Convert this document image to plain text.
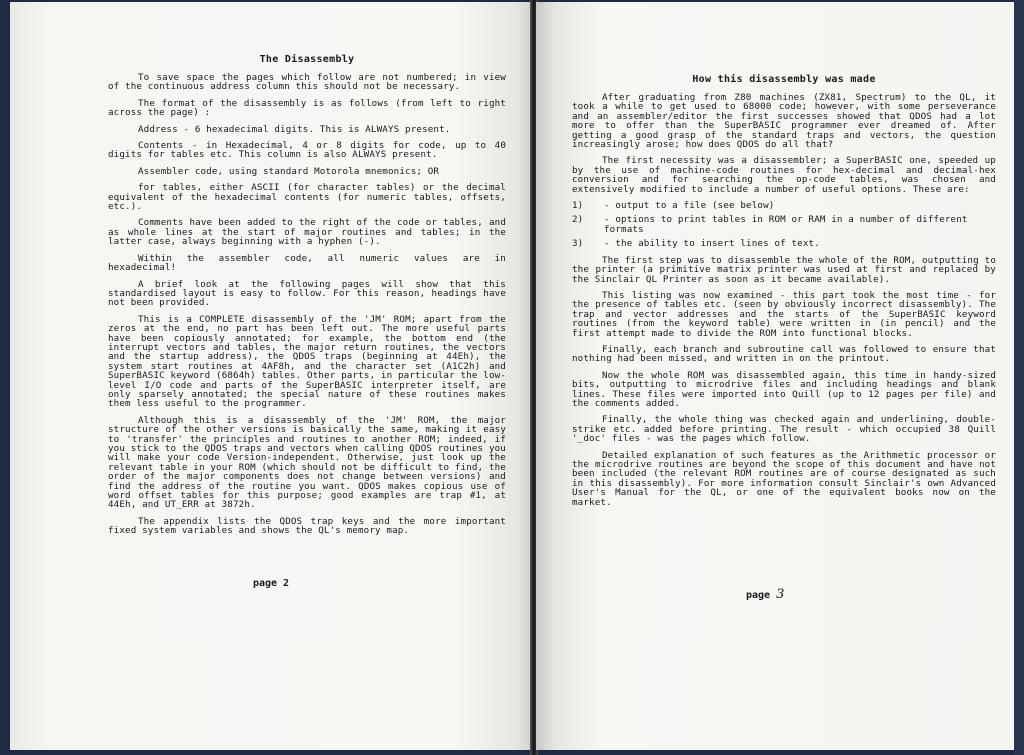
The Disassembly

To save space the pages which follow are not numbered; in view of the continuous address column this should not be necessary.

The format of the disassembly is as follows (from left to right across the page) :

Address - 6 hexadecimal digits. This is ALWAYS present.

Contents - in Hexadecimal, 4 or 8 digits for code, up to 40 digits for tables etc. This column is also ALWAYS present.

Assembler code, using standard Motorola mnemonics; OR

for tables, either ASCII (for character tables) or the decimal equivalent of the hexadecimal contents (for numeric tables, offsets, etc.).

Comments have been added to the right of the code or tables, and as whole lines at the start of major routines and tables; in the latter case, always beginning with a hyphen (-).

Within the assembler code, all numeric values are in hexadecimal!

A brief look at the following pages will show that this standardised layout is easy to follow. For this reason, headings have not been provided.

This is a COMPLETE disassembly of the 'JM' ROM; apart from the zeros at the end, no part has been left out. The more useful parts have been copiously annotated; for example, the bottom end (the interrupt vectors and tables, the major return routines, the vectors and the startup address), the QDOS traps (beginning at 44Eh), the system start routines at 4AF8h, and the character set (A1C2h) and SuperBASIC keyword (6864h) tables. Other parts, in particular the low-level I/O code and parts of the SuperBASIC interpreter itself, are only sparsely annotated; the special nature of these routines makes them less useful to the programmer.

Although this is a disassembly of the 'JM' ROM, the major structure of the other versions is basically the same, making it easy to 'transfer' the principles and routines to another ROM; indeed, if you stick to the QDOS traps and vectors when calling QDOS routines you will make your code Version-independent. Otherwise, just look up the relevant table in your ROM (which should not be difficult to find, the order of the major components does not change between versions) and find the address of the routine you want. QDOS makes copious use of word offset tables for this purpose; good examples are trap #1, at 44Eh, and UT_ERR at 3872h.

The appendix lists the QDOS trap keys and the more important fixed system variables and shows the QL's memory map.

page 2
How this disassembly was made

After graduating from Z80 machines (ZX81, Spectrum) to the QL, it took a while to get used to 68000 code; however, with some perseverance and an assembler/editor the first successes showed that QDOS had a lot more to offer than the SuperBASIC programmer ever dreamed of. After getting a good grasp of the standard traps and vectors, the question increasingly arose; how does QDOS do all that?

The first necessity was a disassembler; a SuperBASIC one, speeded up by the use of machine-code routines for hex-decimal and decimal-hex conversion and for searching the op-code tables, was chosen and extensively modified to include a number of useful options. These are:

1)	- output to a file (see below)
2)	- options to print tables in ROM or RAM in a number of different formats
3)	- the ability to insert lines of text.

The first step was to disassemble the whole of the ROM, outputting to the printer (a primitive matrix printer was used at first and replaced by the Sinclair QL Printer as soon as it became available).

This listing was now examined - this part took the most time - for the presence of tables etc. (seen by obviously incorrect disassembly). The trap and vector addresses and the starts of the SuperBASIC keyword routines (from the keyword table) were written in (in pencil) and the first attempt made to divide the ROM into functional blocks.

Finally, each branch and subroutine call was followed to ensure that nothing had been missed, and written in on the printout.

Now the whole ROM was disassembled again, this time in handy-sized bits, outputting to microdrive files and including headings and blank lines. These files were imported into Quill (up to 12 pages per file) and the comments added.

Finally, the whole thing was checked again and underlining, double-strike etc. added before printing. The result - which occupied 38 Quill '_doc' files - was the pages which follow.

Detailed explanation of such features as the Arithmetic processor or the microdrive routines are beyond the scope of this document and have not been included (the relevant ROM routines are of course designated as such in this disassembly). For more information consult Sinclair's own Advanced User's Manual for the QL, or one of the equivalent books now on the market.

page 3
